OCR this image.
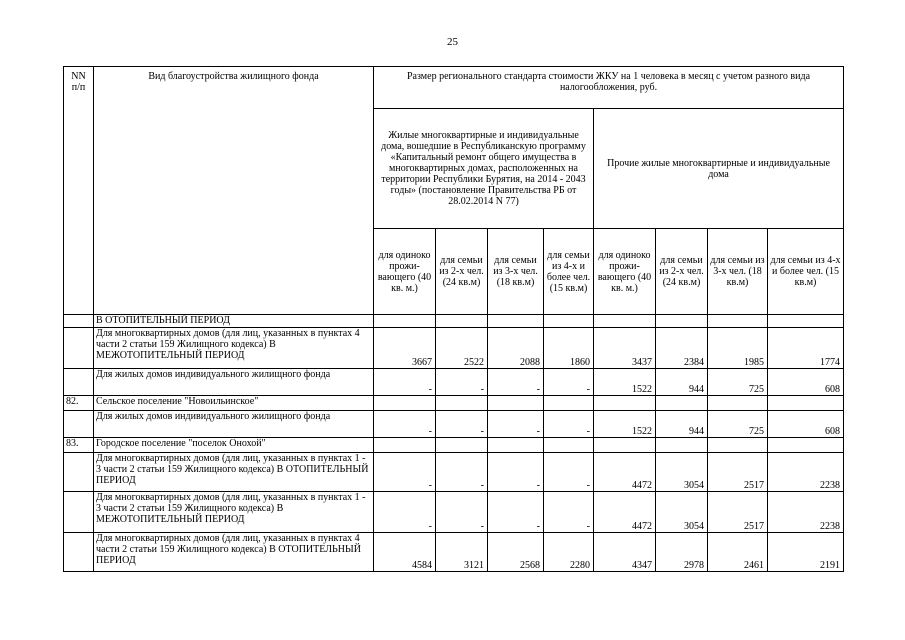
25
NN п/п	Вид благоустройства жилищного фонда	Размер регионального стандарта стоимости ЖКУ на 1 человека в месяц с учетом разного вида налогообложения, руб.							
		Жилые многоквартирные и индивидуальные дома, вошедшие в Республиканскую программу «Капитальный ремонт общего имущества в многоквартирных домах, расположенных на территории Республики Бурятия, на 2014 - 2043 годы» (постановление Правительства РБ от 28.02.2014 N 77)				Прочие жилые многоквартирные и индивидуальные дома			
		для одиноко прожи-вающего (40 кв. м.)	для семьи из 2-х чел. (24 кв.м)	для семьи из 3-х чел. (18 кв.м)	для семьи из 4-х и более чел. (15 кв.м)	для одиноко прожи-вающего (40 кв. м.)	для семьи из 2-х чел. (24 кв.м)	для семьи из 3-х чел. (18 кв.м)	для семьи из 4-х и более чел. (15 кв.м)
	В ОТОПИТЕЛЬНЫЙ ПЕРИОД								
	Для многоквартирных домов (для лиц, указанных в пунктах 4 части 2 статьи 159 Жилищного кодекса) В МЕЖОТОПИТЕЛЬНЫЙ ПЕРИОД	3667	2522	2088	1860	3437	2384	1985	1774
	Для жилых домов индивидуального жилищного фонда	-	-	-	-	1522	944	725	608
82.	Сельское поселение "Новоильинское"								
	Для жилых домов индивидуального жилищного фонда	-	-	-	-	1522	944	725	608
83.	Городское поселение "поселок Онохой"								
	Для многоквартирных домов (для лиц, указанных в пунктах 1 - 3 части 2 статьи 159 Жилищного кодекса) В ОТОПИТЕЛЬНЫЙ ПЕРИОД	-	-	-	-	4472	3054	2517	2238
	Для многоквартирных домов (для лиц, указанных в пунктах 1 - 3 части 2 статьи 159 Жилищного кодекса) В МЕЖОТОПИТЕЛЬНЫЙ ПЕРИОД	-	-	-	-	4472	3054	2517	2238
	Для многоквартирных домов (для лиц, указанных в пунктах 4 части 2 статьи 159 Жилищного кодекса) В ОТОПИТЕЛЬНЫЙ ПЕРИОД	4584	3121	2568	2280	4347	2978	2461	2191
